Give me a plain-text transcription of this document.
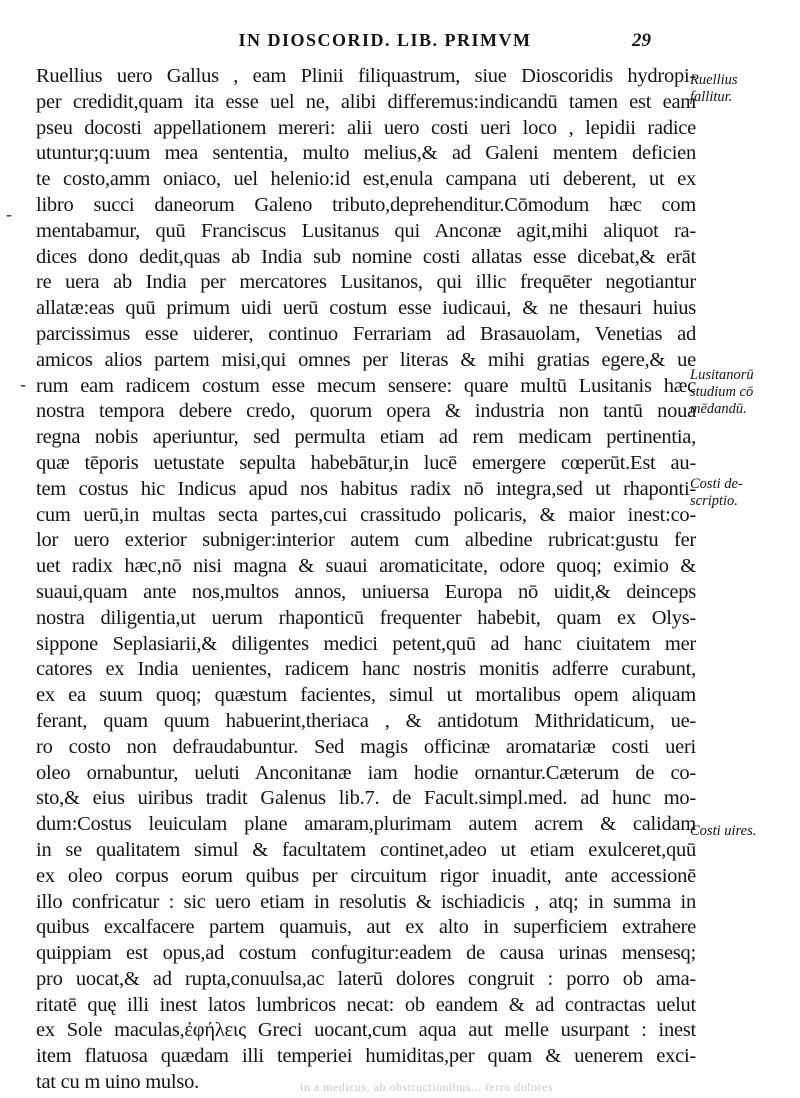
IN DIOSCORID. LIB. PRIMVM	29
Ruellius uero Gallus , eam Plinii filiquastrum, siue Dioscoridis hydropi-
per credidit,quam ita esse uel ne, alibi differemus:indicandū tamen est eam
pseu docosti appellationem mereri: alii uero costi ueri loco , lepidii radice
utuntur;q:uum mea sententia, multo melius,& ad Galeni mentem deficien
te costo,amm oniaco, uel helenio:id est,enula campana uti deberent, ut ex
libro succi daneorum Galeno tributo,deprehenditur.Cōmodum hæc com
mentabamur, quū Franciscus Lusitanus qui Anconæ agit,mihi aliquot ra-
dices dono dedit,quas ab India sub nomine costi allatas esse dicebat,& erāt
re uera ab India per mercatores Lusitanos, qui illic frequēter negotiantur
allatæ:eas quū primum uidi uerū costum esse iudicaui, & ne thesauri huius
parcissimus esse uiderer, continuo Ferrariam ad Brasauolam, Venetias ad
amicos alios partem misi,qui omnes per literas & mihi gratias egere,& ue
rum eam radicem costum esse mecum sensere: quare multū Lusitanis hæc
nostra tempora debere credo, quorum opera & industria non tantū noua
regna nobis aperiuntur, sed permulta etiam ad rem medicam pertinentia,
quæ tēporis uetustate sepulta habebātur,in lucē emergere cœperūt.Est au-
tem costus hic Indicus apud nos habitus radix nō integra,sed ut rhaponti-
cum uerū,in multas secta partes,cui crassitudo policaris, & maior inest:co-
lor uero exterior subniger:interior autem cum albedine rubricat:gustu fer
uet radix hæc,nō nisi magna & suaui aromaticitate, odore quoq; eximio &
suaui,quam ante nos,multos annos, uniuersa Europa nō uidit,& deinceps
nostra diligentia,ut uerum rhaponticū frequenter habebit, quam ex Olys-
sippone Seplasiarii,& diligentes medici petent,quū ad hanc ciuitatem mer
catores ex India uenientes, radicem hanc nostris monitis adferre curabunt,
ex ea suum quoq; quæstum facientes, simul ut mortalibus opem aliquam
ferant, quam quum habuerint,theriaca , & antidotum Mithridaticum, ue-
ro costo non defraudabuntur. Sed magis officinæ aromatariæ costi ueri
oleo ornabuntur, ueluti Anconitanæ iam hodie ornantur.Cæterum de co-
sto,& eius uiribus tradit Galenus lib.7. de Facult.simpl.med. ad hunc mo-
dum:Costus leuiculam plane amaram,plurimam autem acrem & calidam
in se qualitatem simul & facultatem continet,adeo ut etiam exulceret,quū
ex oleo corpus eorum quibus per circuitum rigor inuadit, ante accessionē
illo confricatur : sic uero etiam in resolutis & ischiadicis , atq; in summa in
quibus excalfacere partem quamuis, aut ex alto in superficiem extrahere
quippiam est opus,ad costum confugitur:eadem de causa urinas mensesq;
pro uocat,& ad rupta,conuulsa,ac laterū dolores congruit : porro ob ama-
ritatē quę illi inest latos lumbricos necat: ob eandem & ad contractas uelut
ex Sole maculas,ἐφήλεις Greci uocant,cum aqua aut melle usurpant : inest
item flatuosa quædam illi temperiei humiditas,per quam & uenerem exci-
tat cu m uino mulso.
Ruellius
fallitur.
Lusitanorū
studium cō
mēdandū.
Costi de-
scriptio.
Costi uires.
-
-
in a medicus, ab obstructionibus... ferro dolores
